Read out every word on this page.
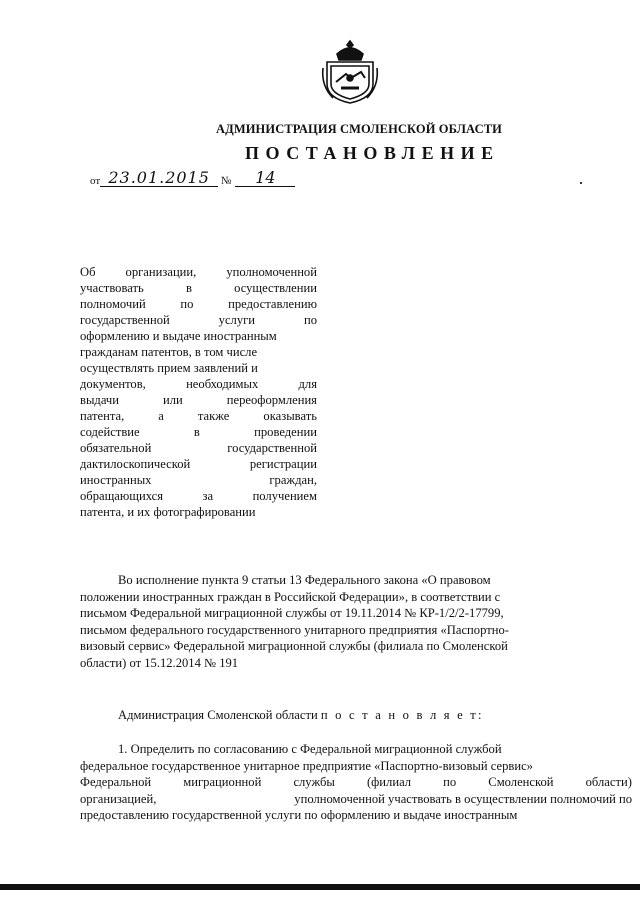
АДМИНИСТРАЦИЯ СМОЛЕНСКОЙ ОБЛАСТИ
ПОСТАНОВЛЕНИЕ
от 23.01.2015 № 14
Об организации, уполномоченной
участвовать	в	осуществлении
полномочий	по	предоставлению
государственной	услуги	по
оформлению и выдаче иностранным
гражданам патентов, в том числе
осуществлять прием заявлений и
документов,	необходимых	для
выдачи	или	переоформления
патента,	а	также	оказывать
содействие	в	проведении
обязательной	государственной
дактилоскопической	регистрации
иностранных	граждан,
обращающихся	за	получением
патента, и их фотографировании
Во исполнение пункта 9 статьи 13 Федерального закона «О правовом
положении иностранных граждан в Российской Федерации», в соответствии с
письмом Федеральной миграционной службы от 19.11.2014 № КР-1/2/2-17799,
письмом федерального государственного унитарного предприятия «Паспортно-
визовый сервис» Федеральной миграционной службы (филиала по Смоленской
области) от 15.12.2014 № 191
Администрация Смоленской области п о с т а н о в л я е т:
1. Определить по согласованию с Федеральной миграционной службой
федеральное государственное унитарное предприятие «Паспортно-визовый сервис»
Федеральной	миграционной	службы	(филиал	по	Смоленской	области)
организацией,	уполномоченной участвовать в осуществлении полномочий по
предоставлению государственной услуги по оформлению и выдаче иностранным
